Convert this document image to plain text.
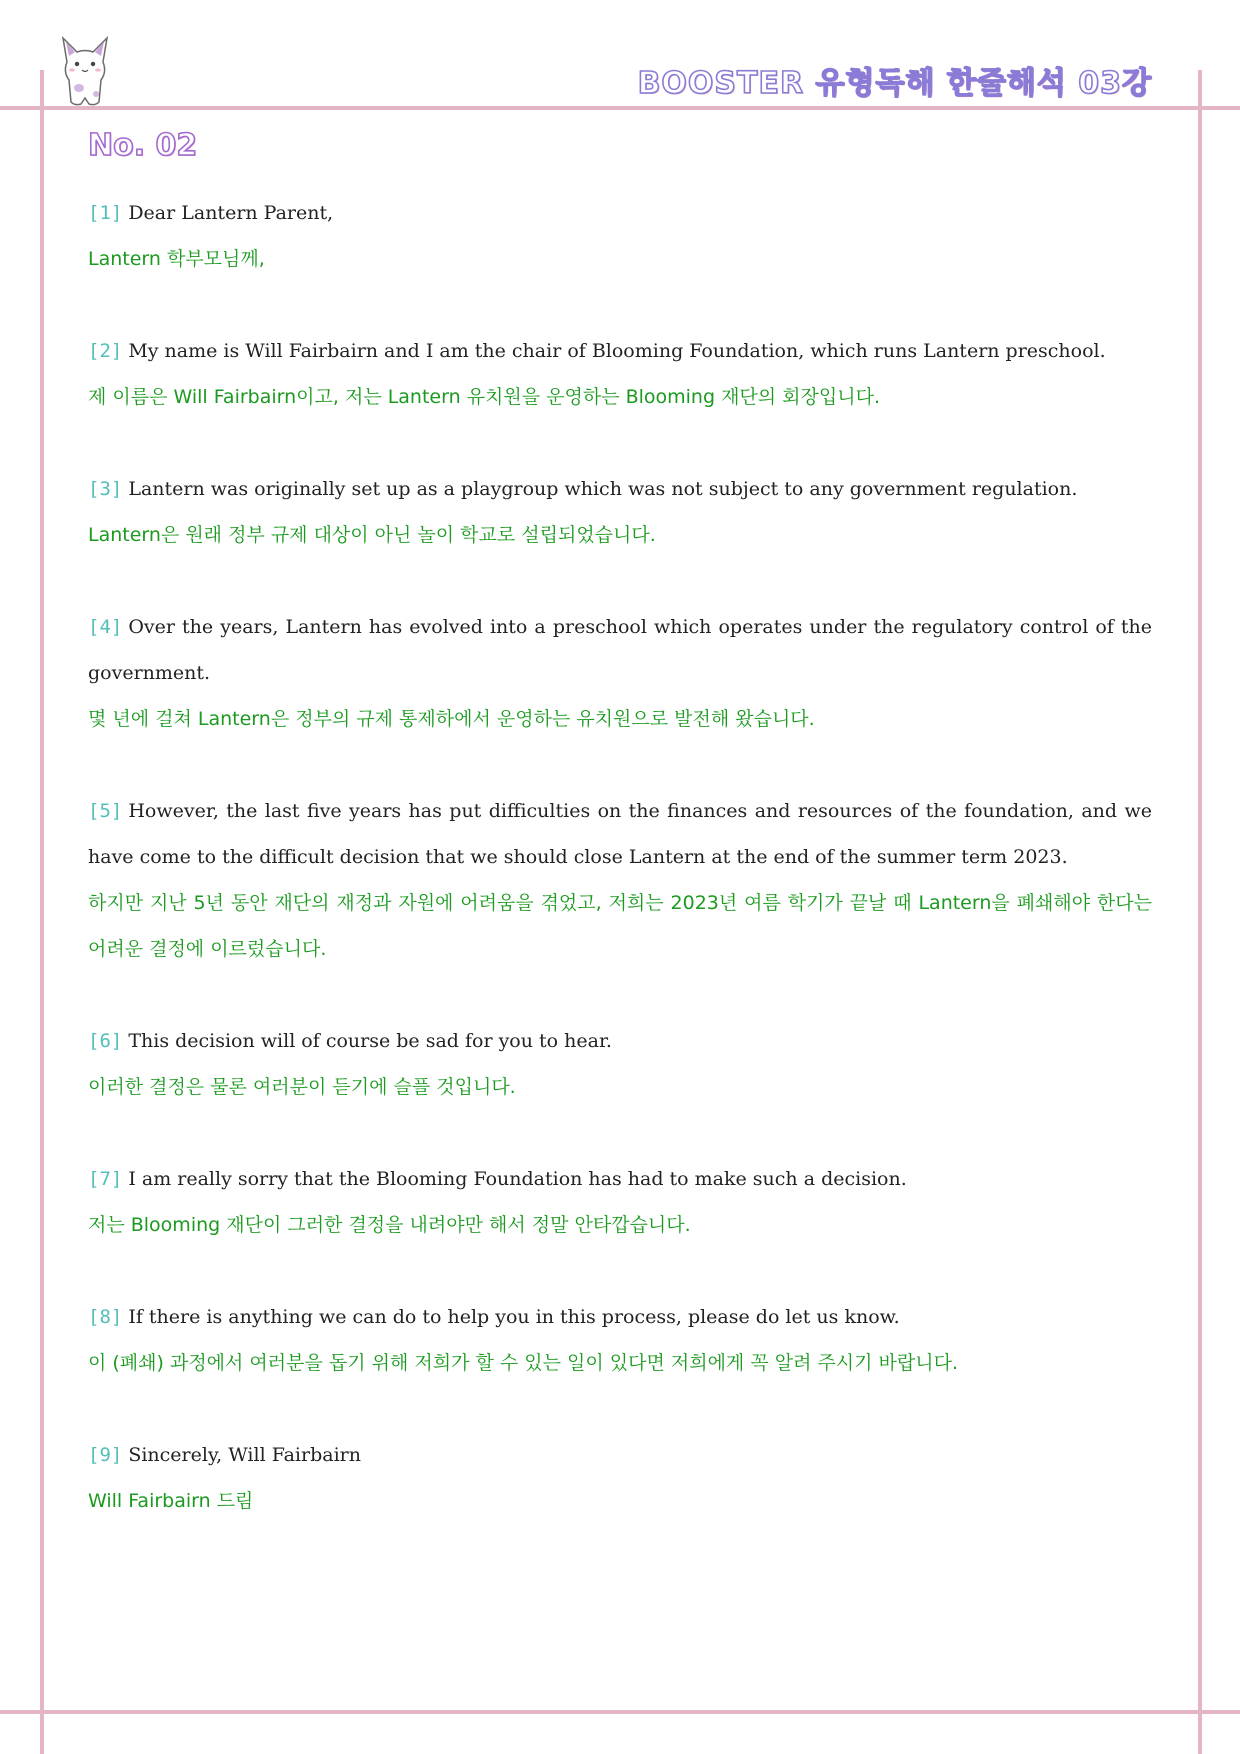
BOOSTER 유형독해 한줄해석 03강
No. 02

[1] Dear Lantern Parent,

Lantern 학부모님께,

[2] My name is Will Fairbairn and I am the chair of Blooming Foundation, which runs Lantern preschool.

제 이름은 Will Fairbairn이고, 저는 Lantern 유치원을 운영하는 Blooming 재단의 회장입니다.

[3] Lantern was originally set up as a playgroup which was not subject to any government regulation.

Lantern은 원래 정부 규제 대상이 아닌 놀이 학교로 설립되었습니다.

[4] Over the years, Lantern has evolved into a preschool which operates under the regulatory control of the government.

몇 년에 걸쳐 Lantern은 정부의 규제 통제하에서 운영하는 유치원으로 발전해 왔습니다.

[5] However, the last five years has put difficulties on the finances and resources of the foundation, and we have come to the difficult decision that we should close Lantern at the end of the summer term 2023.

하지만 지난 5년 동안 재단의 재정과 자원에 어려움을 겪었고, 저희는 2023년 여름 학기가 끝날 때 Lantern을 폐쇄해야 한다는 어려운 결정에 이르렀습니다.

[6] This decision will of course be sad for you to hear.

이러한 결정은 물론 여러분이 듣기에 슬플 것입니다.

[7] I am really sorry that the Blooming Foundation has had to make such a decision.

저는 Blooming 재단이 그러한 결정을 내려야만 해서 정말 안타깝습니다.

[8] If there is anything we can do to help you in this process, please do let us know.

이 (폐쇄) 과정에서 여러분을 돕기 위해 저희가 할 수 있는 일이 있다면 저희에게 꼭 알려 주시기 바랍니다.

[9] Sincerely, Will Fairbairn

Will Fairbairn 드림
